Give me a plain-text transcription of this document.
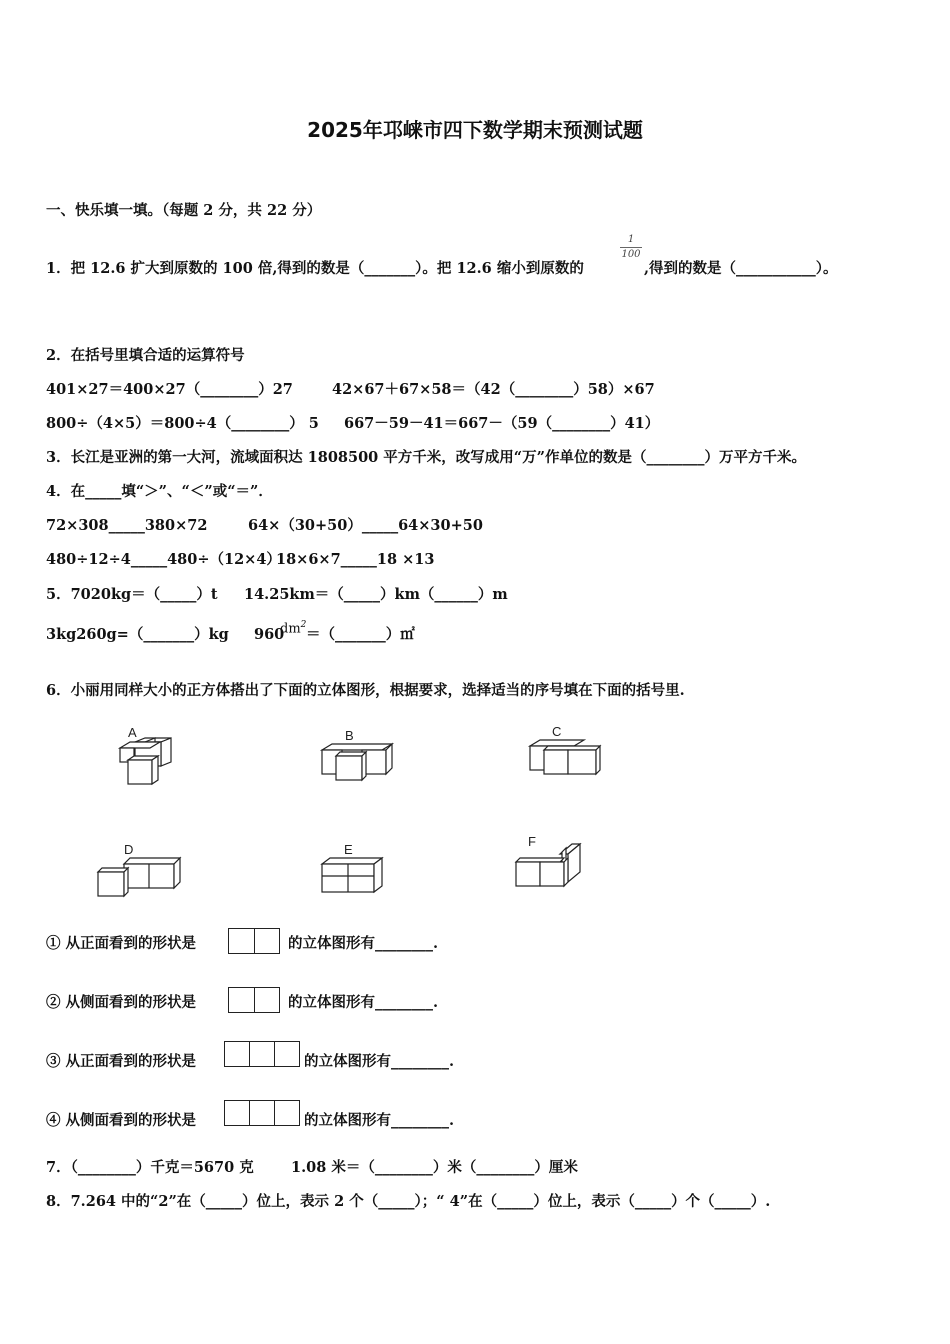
2025年邛崃市四下数学期末预测试题
一、快乐填一填。（每题 2 分，共 22 分）
1．把 12.6 扩大到原数的 100 倍,得到的数是（_______）。把 12.6 缩小到原数的
1
100
,得到的数是（___________）。
2．在括号里填合适的运算符号
401×27＝400×27（________）27	42×67＋67×58＝（42（________）58）×67
800÷（4×5）＝800÷4（________） 5 667－59－41＝667－（59（________）41）
3．长江是亚洲的第一大河，流域面积达 1808500 平方千米，改写成用“万”作单位的数是（________）万平方千米。
4．在_____填“＞”、“＜”或“＝”．
72×308_____380×72	64×（30+50）_____64×30+50
480÷12÷4_____480÷（12×4）
18×6×7_____18 ×13
5．7020kg＝（_____）t 14.25km＝（_____）km（______）m
3kg260g=（_______）kg 960
$dm^2$
＝（_______）㎡
6．小丽用同样大小的正方体搭出了下面的立体图形，根据要求，选择适当的序号填在下面的括号里.
A	B	C
D	E
F
① 从正面看到的形状是	的立体图形有________.
② 从侧面看到的形状是	的立体图形有________.
③ 从正面看到的形状是	的立体图形有________.
④ 从侧面看到的形状是	的立体图形有________.
7．（________）千克＝5670 克	1.08 米＝（________）米（________）厘米
8．7.264 中的“2”在（_____）位上，表示 2 个（_____）；“ 4”在（_____）位上，表示（_____）个（_____）.
